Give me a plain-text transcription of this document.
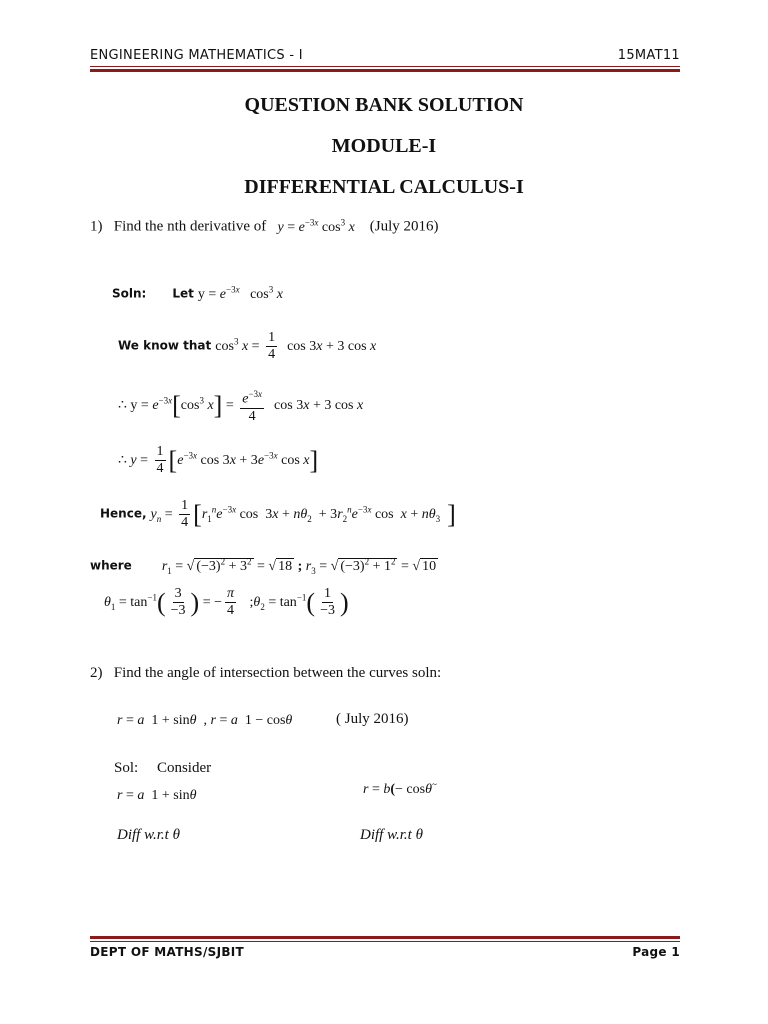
ENGINEERING MATHEMATICS - I	15MAT11
QUESTION BANK SOLUTION
MODULE-I
DIFFERENTIAL CALCULUS-I
1) Find the nth derivative of $y = e^{-3x}$ $\cos^3 x$ (July 2016)
Soln: Let $y = e^{-3x}$   $\cos^3 x$
We know that $\cos^3 x = \frac{1}{4}$ cos 3x + 3 cos x
∴ $y = e^{-3x}[\cos^3$ $x] = \frac{e^{-3x}}{4}$ cos 3x + 3 cos x
∴ $y = \frac{1}{4} [e^{-3x}$ $\cos 3x + 3e^{-3x}$ cos x]
Hence, $y_n = \frac{1}{4} [r_1^ne^{-3x}$ $\cos 3x + n\theta_2 + 3r_2^ne^{-3x}$ $\cos x + n\theta_3$ ]
where $r_1$ = √ $(-3)^2 + 3^2$ = √ 18 ; $r_3$ = √ $(-3)^2 + 1^2$ = √ 10
$\theta_1 = \tan^{-1}( \frac{3}{-3}$ ) = − $\frac{\pi}{4}$ $;\theta_2 = \tan^{-1}( \frac{1}{-3}$ )
2) Find the angle of intersection between the curves soln:
r = a  1 + sinθ  , r = a  1 − cosθ	( July 2016)
Sol: Consider
r = a  1 + sinθ	r = b(− cosθ~
Diff w.r.t θ	Diff w.r.t θ
DEPT OF MATHS/SJBIT	Page 1
